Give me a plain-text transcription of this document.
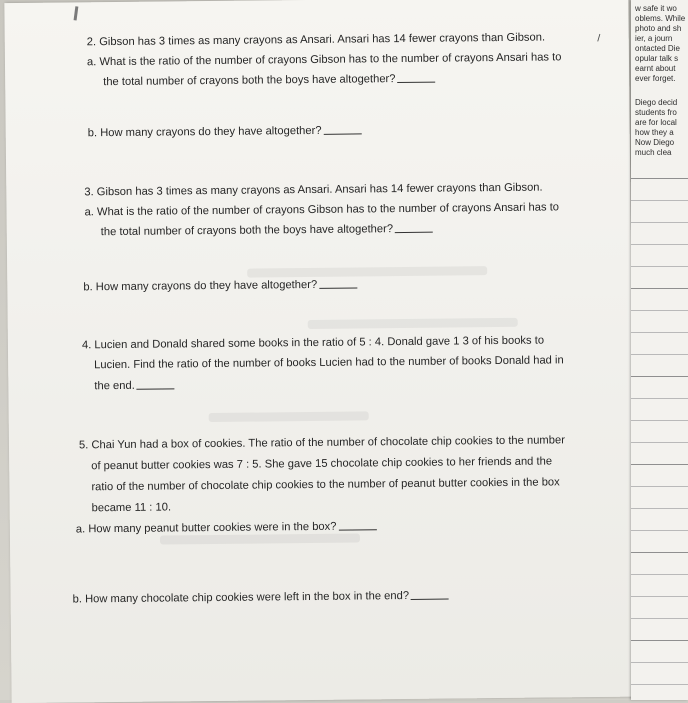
⸝

2. Gibson has 3 times as many crayons as Ansari. Ansari has 14 fewer crayons than Gibson.

a. What is the ratio of the number of crayons Gibson has to the number of crayons Ansari has to

the total number of crayons both the boys have altogether?

b. How many crayons do they have altogether?

3. Gibson has 3 times as many crayons as Ansari. Ansari has 14 fewer crayons than Gibson.

a. What is the ratio of the number of crayons Gibson has to the number of crayons Ansari has to

the total number of crayons both the boys have altogether?

b. How many crayons do they have altogether?

4. Lucien and Donald shared some books in the ratio of 5 : 4. Donald gave 1 3 of his books to

Lucien. Find the ratio of the number of books Lucien had to the number of books Donald had in

the end.

5. Chai Yun had a box of cookies. The ratio of the number of chocolate chip cookies to the number

of peanut butter cookies was 7 : 5. She gave 15 chocolate chip cookies to her friends and the

ratio of the number of chocolate chip cookies to the number of peanut butter cookies in the box

became 11 : 10.

a. How many peanut butter cookies were in the box?

b. How many chocolate chip cookies were left in the box in the end?

w safe it wo
oblems. While
photo and sh
ier, a journ
ontacted Die
opular talk s
earnt about
ever forget.
Diego decid
students fro
are for local
how they a
Now Diego
much clea
